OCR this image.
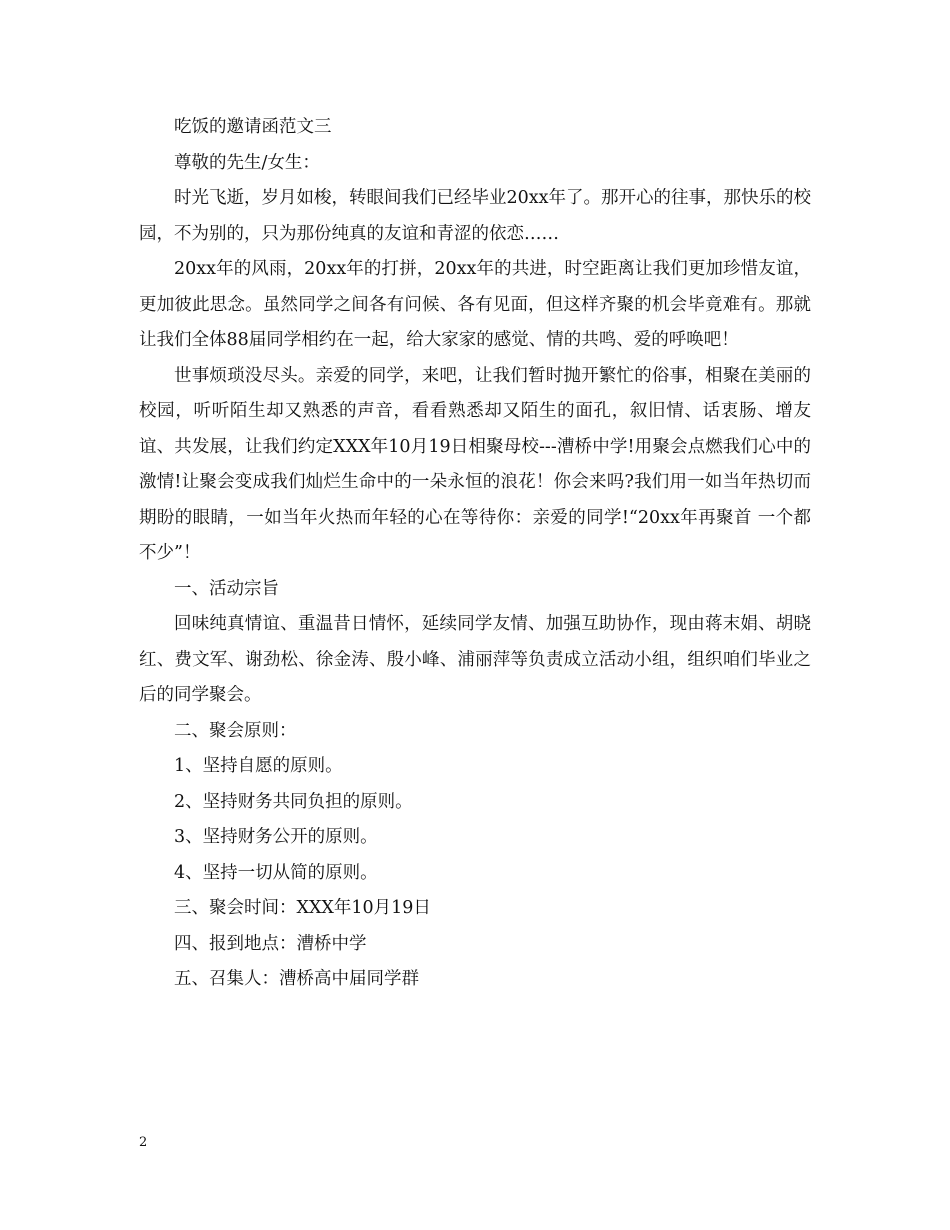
吃饭的邀请函范文三

尊敬的先生/女生：

时光飞逝，岁月如梭，转眼间我们已经毕业20xx年了。那开心的往事，那快乐的校园，不为别的，只为那份纯真的友谊和青涩的依恋……

20xx年的风雨，20xx年的打拼，20xx年的共进，时空距离让我们更加珍惜友谊，更加彼此思念。虽然同学之间各有问候、各有见面，但这样齐聚的机会毕竟难有。那就让我们全体88届同学相约在一起，给大家家的感觉、情的共鸣、爱的呼唤吧！

世事烦琐没尽头。亲爱的同学，来吧，让我们暂时抛开繁忙的俗事，相聚在美丽的校园，听听陌生却又熟悉的声音，看看熟悉却又陌生的面孔，叙旧情、话衷肠、增友谊、共发展，让我们约定XXX年10月19日相聚母校---漕桥中学!用聚会点燃我们心中的激情!让聚会变成我们灿烂生命中的一朵永恒的浪花！你会来吗?我们用一如当年热切而期盼的眼睛，一如当年火热而年轻的心在等待你：亲爱的同学!“20xx年再聚首 一个都不少”！

一、活动宗旨

回味纯真情谊、重温昔日情怀，延续同学友情、加强互助协作，现由蒋末娟、胡晓红、费文军、谢劲松、徐金涛、殷小峰、浦丽萍等负责成立活动小组，组织咱们毕业之后的同学聚会。

二、聚会原则：

1、坚持自愿的原则。

2、坚持财务共同负担的原则。

3、坚持财务公开的原则。

4、坚持一切从简的原则。

三、聚会时间：XXX年10月19日

四、报到地点：漕桥中学

五、召集人：漕桥高中届同学群

2
